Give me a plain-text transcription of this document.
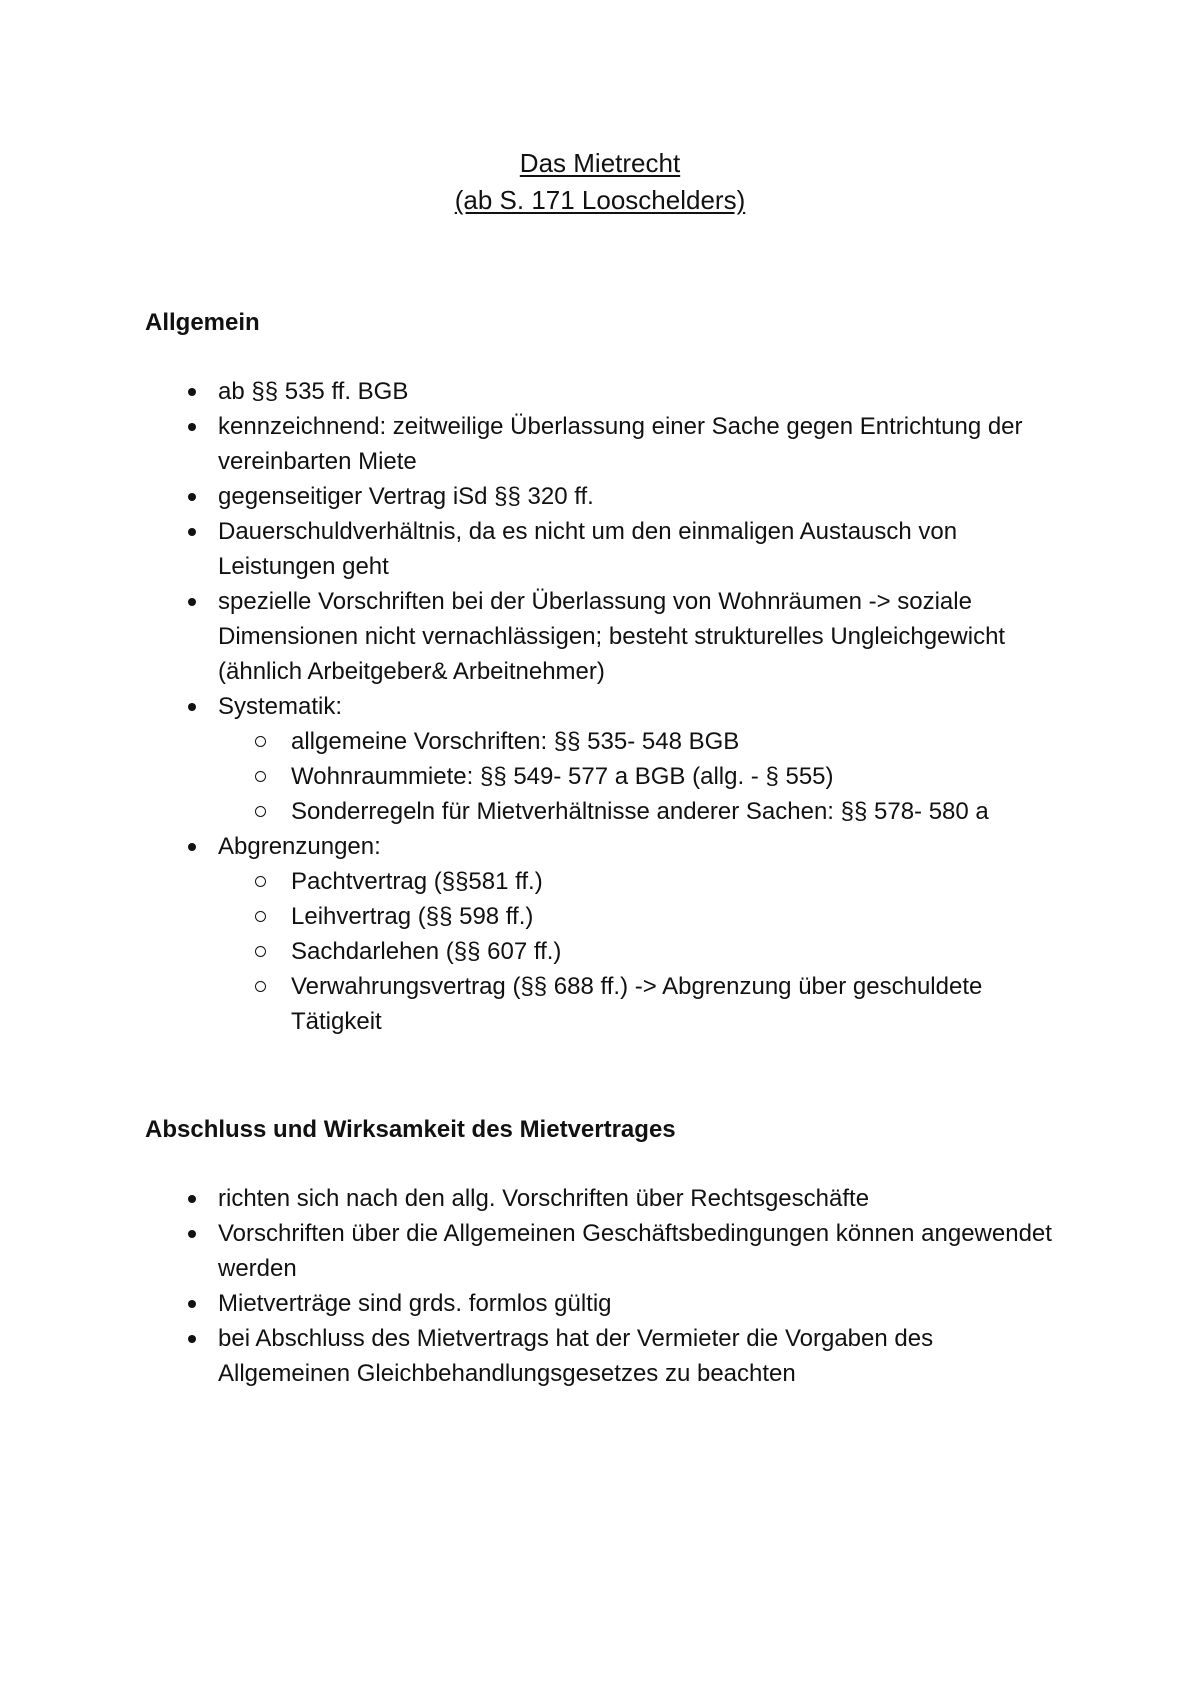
Das Mietrecht
(ab S. 171 Looschelders)
Allgemein
ab §§ 535 ff. BGB
kennzeichnend: zeitweilige Überlassung einer Sache gegen Entrichtung der vereinbarten Miete
gegenseitiger Vertrag iSd §§ 320 ff.
Dauerschuldverhältnis, da es nicht um den einmaligen Austausch von Leistungen geht
spezielle Vorschriften bei der Überlassung von Wohnräumen -> soziale Dimensionen nicht vernachlässigen; besteht strukturelles Ungleichgewicht (ähnlich Arbeitgeber& Arbeitnehmer)
Systematik:
allgemeine Vorschriften: §§ 535- 548 BGB
Wohnraummiete: §§ 549- 577 a BGB (allg. - § 555)
Sonderregeln für Mietverhältnisse anderer Sachen: §§ 578- 580 a
Abgrenzungen:
Pachtvertrag (§§581 ff.)
Leihvertrag (§§ 598 ff.)
Sachdarlehen (§§ 607 ff.)
Verwahrungsvertrag (§§ 688 ff.) -> Abgrenzung über geschuldete Tätigkeit
Abschluss und Wirksamkeit des Mietvertrages
richten sich nach den allg. Vorschriften über Rechtsgeschäfte
Vorschriften über die Allgemeinen Geschäftsbedingungen können angewendet werden
Mietverträge sind grds. formlos gültig
bei Abschluss des Mietvertrags hat der Vermieter die Vorgaben des Allgemeinen Gleichbehandlungsgesetzes zu beachten
